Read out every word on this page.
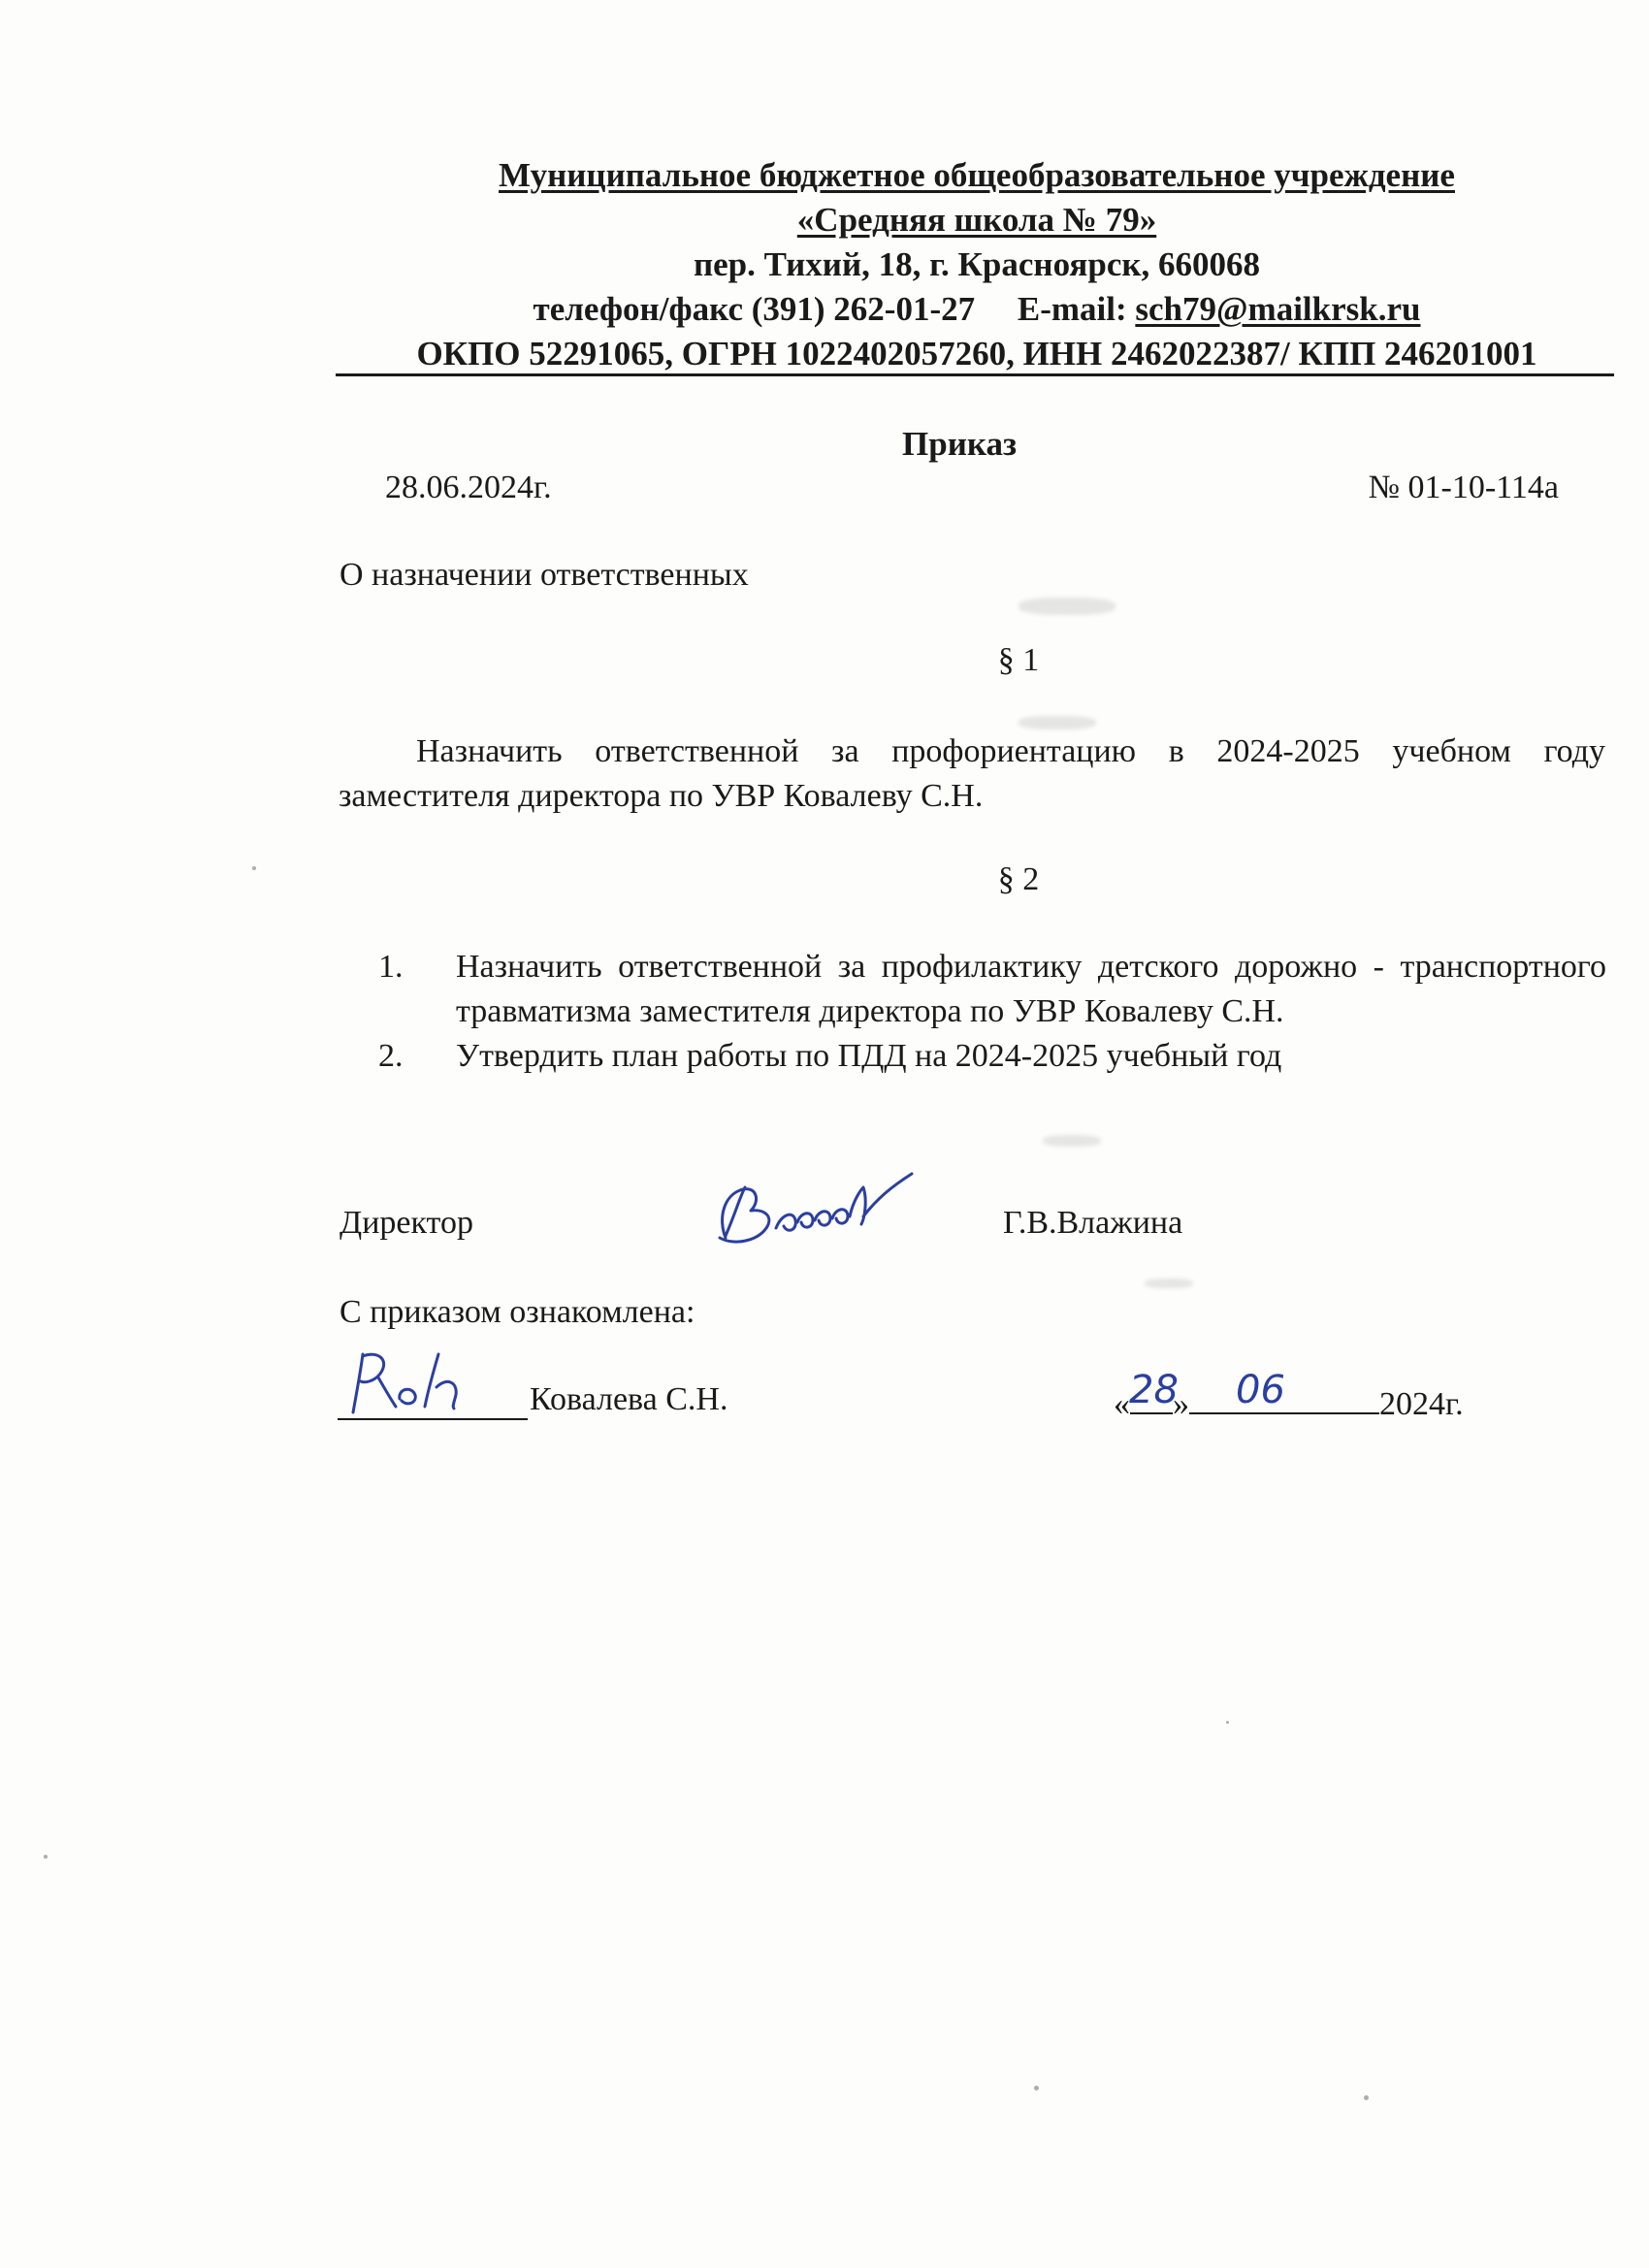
Муниципальное бюджетное общеобразовательное учреждение
«Средняя школа № 79»
пер. Тихий, 18, г. Красноярск, 660068
телефон/факс (391) 262-01-27 E-mail: sch79@mailkrsk.ru
ОКПО 52291065, ОГРН 1022402057260, ИНН 2462022387/ КПП 246201001
Приказ
28.06.2024г.	№ 01-10-114а
О назначении ответственных
§ 1
Назначить ответственной за профориентацию в 2024-2025 учебном году заместителя директора по УВР Ковалеву С.Н.
§ 2
1. Назначить ответственной за профилактику детского дорожно - транспортного травматизма заместителя директора по УВР Ковалеву С.Н.
2. Утвердить план работы по ПДД на 2024-2025 учебный год
Директор	Г.В.Влажина
С приказом ознакомлена:
Ковалева С.Н.	« »	2024г.
28 06
